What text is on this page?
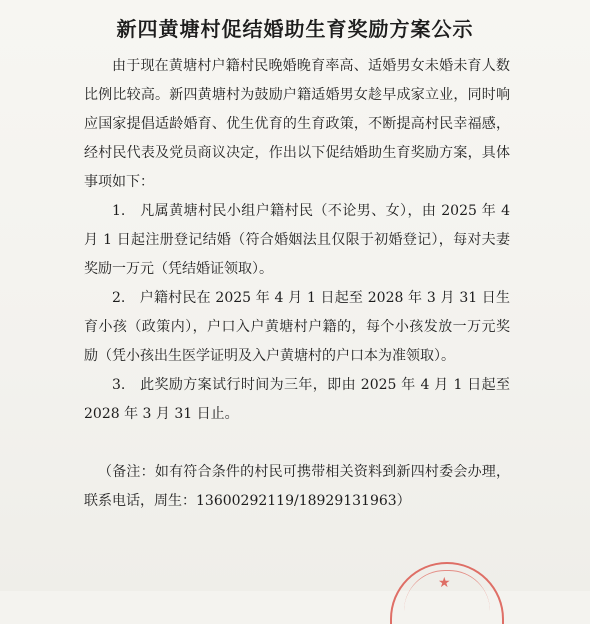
新四黄塘村促结婚助生育奖励方案公示

由于现在黄塘村户籍村民晚婚晚育率高、适婚男女未婚未育人数比例比较高。新四黄塘村为鼓励户籍适婚男女趁早成家立业，同时响应国家提倡适龄婚育、优生优育的生育政策，不断提高村民幸福感，经村民代表及党员商议决定，作出以下促结婚助生育奖励方案，具体事项如下：

1.　凡属黄塘村民小组户籍村民（不论男、女），由 2025 年 4 月 1 日起注册登记结婚（符合婚姻法且仅限于初婚登记），每对夫妻奖励一万元（凭结婚证领取）。

2.　户籍村民在 2025 年 4 月 1 日起至 2028 年 3 月 31 日生育小孩（政策内），户口入户黄塘村户籍的，每个小孩发放一万元奖励（凭小孩出生医学证明及入户黄塘村的户口本为准领取）。

3.　此奖励方案试行时间为三年，即由 2025 年 4 月 1 日起至 2028 年 3 月 31 日止。

（备注：如有符合条件的村民可携带相关资料到新四村委会办理，联系电话，周生：13600292119/18929131963）

★
